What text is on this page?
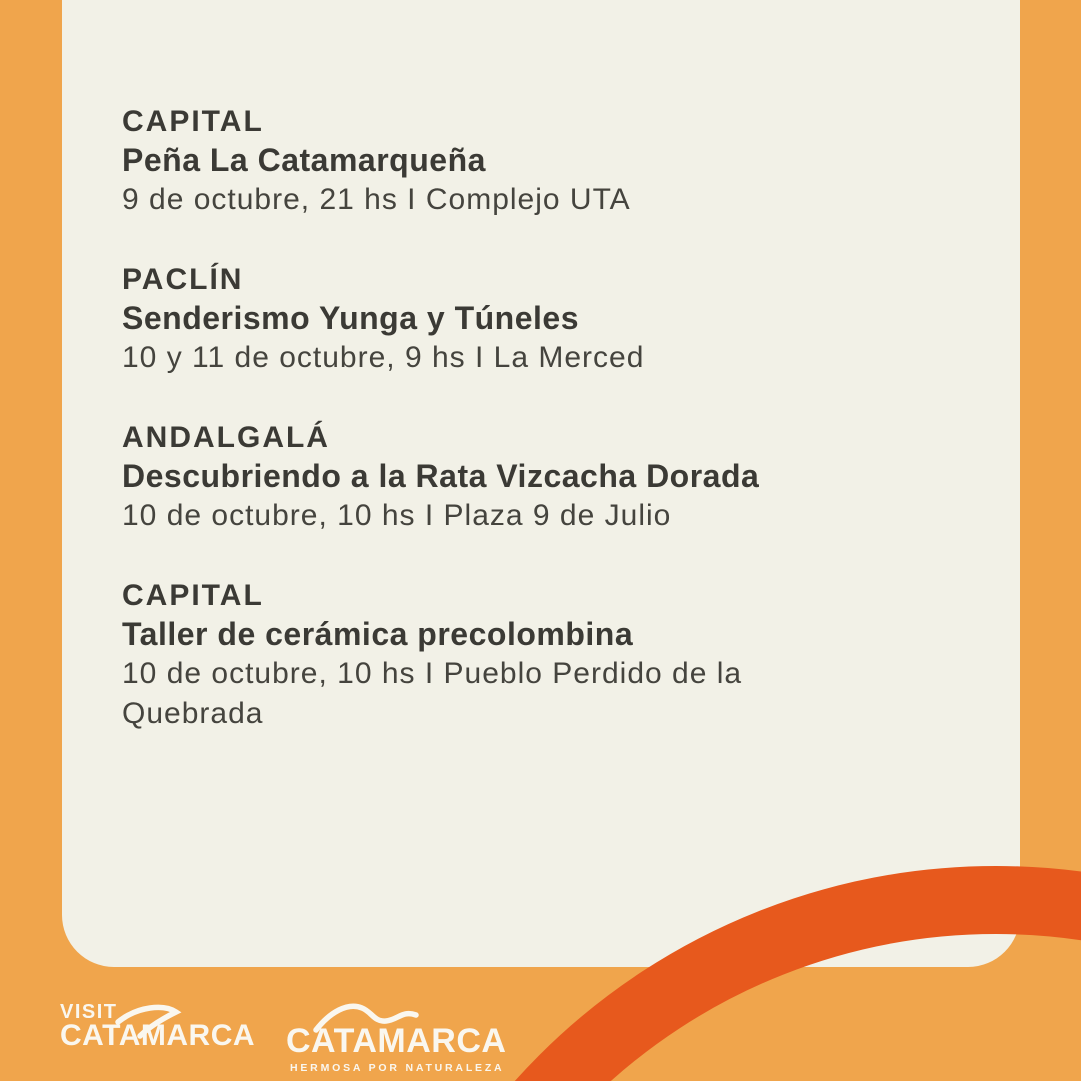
CAPITAL
Peña La Catamarqueña
9 de octubre, 21 hs I Complejo UTA
PACLÍN
Senderismo Yunga y Túneles
10 y 11 de octubre, 9 hs I La Merced
ANDALGALÁ
Descubriendo a la Rata Vizcacha Dorada
10 de octubre, 10 hs I Plaza 9 de Julio
CAPITAL
Taller de cerámica precolombina
10 de octubre, 10 hs I Pueblo Perdido de la Quebrada
VISIT
CATAMARCA CATAMARCA
HERMOSA POR NATURALEZA
